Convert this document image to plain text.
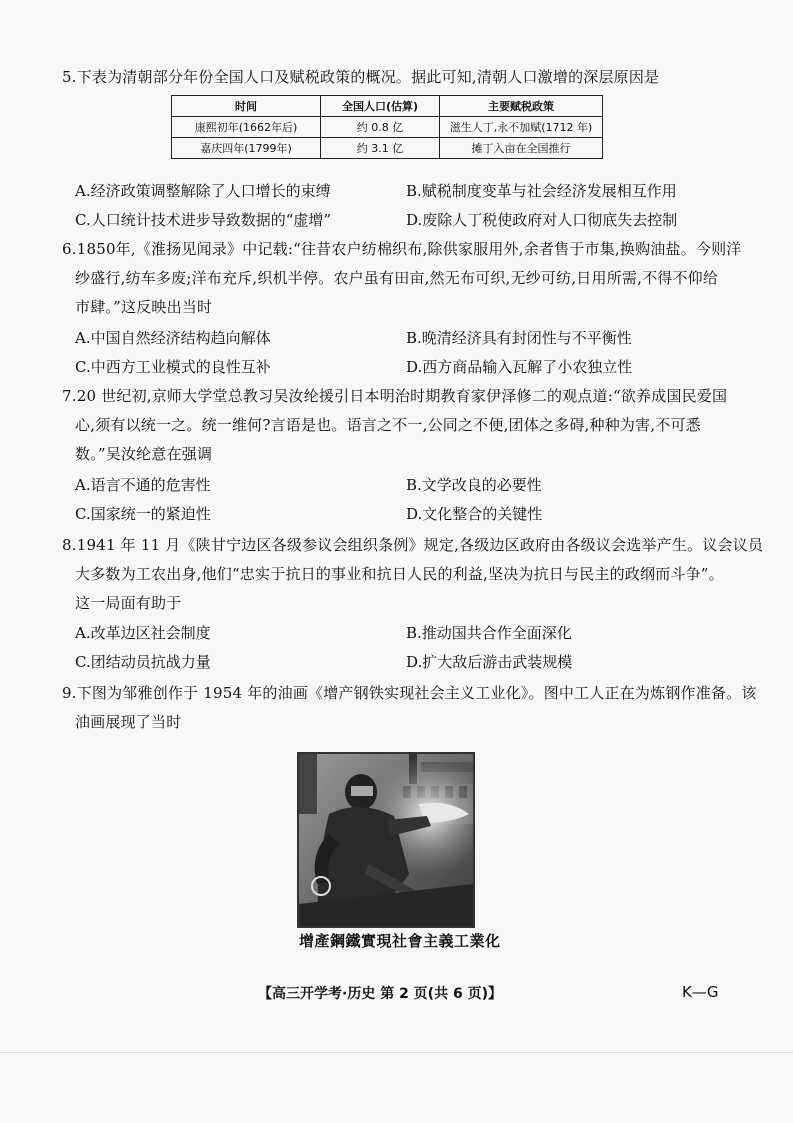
5.下表为清朝部分年份全国人口及赋税政策的概况。据此可知,清朝人口激增的深层原因是
时间	全国人口(估算)	主要赋税政策
康熙初年(1662年后)	约 0.8 亿	滋生人丁,永不加赋(1712 年)
嘉庆四年(1799年)	约 3.1 亿	摊丁入亩在全国推行
A.经济政策调整解除了人口增长的束缚	B.赋税制度变革与社会经济发展相互作用
C.人口统计技术进步导致数据的“虚增”	D.废除人丁税使政府对人口彻底失去控制
6.1850年,《淮扬见闻录》中记载:“往昔农户纺棉织布,除供家服用外,余者售于市集,换购油盐。今则洋
纱盛行,纺车多废;洋布充斥,织机半停。农户虽有田亩,然无布可织,无纱可纺,日用所需,不得不仰给
市肆。”这反映出当时
A.中国自然经济结构趋向解体	B.晚清经济具有封闭性与不平衡性
C.中西方工业模式的良性互补	D.西方商品输入瓦解了小农独立性
7.20 世纪初,京师大学堂总教习吴汝纶援引日本明治时期教育家伊泽修二的观点道:“欲养成国民爱国
心,须有以统一之。统一维何?言语是也。语言之不一,公同之不便,团体之多碍,种种为害,不可悉
数。”吴汝纶意在强调
A.语言不通的危害性	B.文学改良的必要性
C.国家统一的紧迫性	D.文化整合的关键性
8.1941 年 11 月《陕甘宁边区各级参议会组织条例》规定,各级边区政府由各级议会选举产生。议会议员
大多数为工农出身,他们“忠实于抗日的事业和抗日人民的利益,坚决为抗日与民主的政纲而斗争”。
这一局面有助于
A.改革边区社会制度	B.推动国共合作全面深化
C.团结动员抗战力量	D.扩大敌后游击武装规模
9.下图为邹雅创作于 1954 年的油画《增产钢铁实现社会主义工业化》。图中工人正在为炼钢作准备。该
油画展现了当时
增產鋼鐵實現社會主義工業化
【高三开学考·历史 第 2 页(共 6 页)】	K—G
